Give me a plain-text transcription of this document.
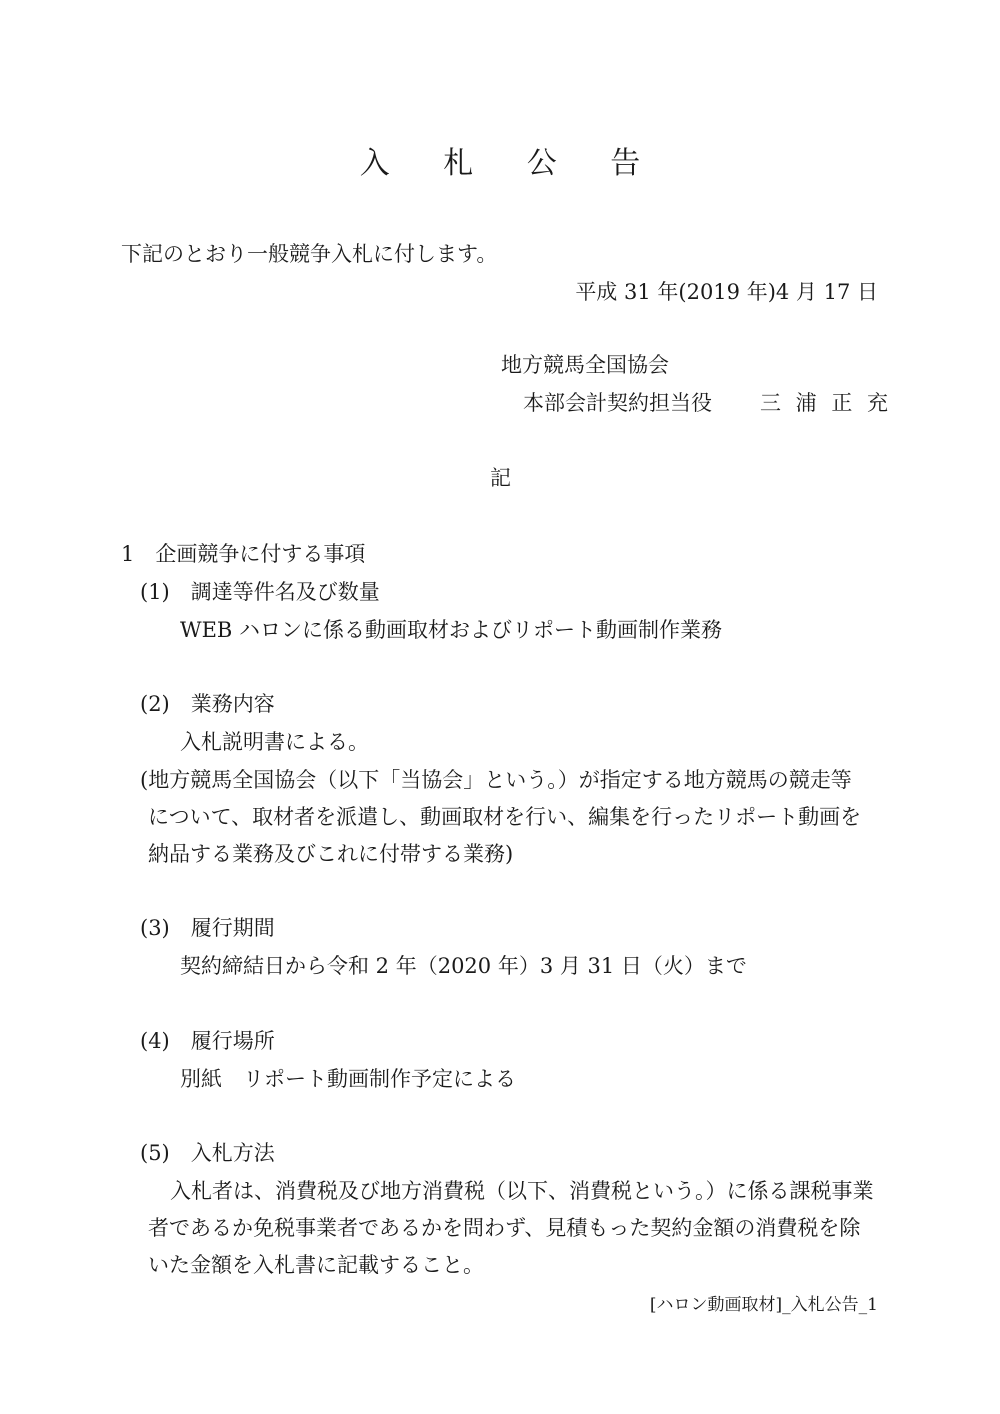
入 札 公 告
下記のとおり一般競争入札に付します。
平成 31 年(2019 年)4 月 17 日
地方競馬全国協会
本部会計契約担当役 三 浦 正 充
記
1　企画競争に付する事項
(1)　調達等件名及び数量
WEB ハロンに係る動画取材およびリポート動画制作業務
(2)　業務内容
入札説明書による。
(地方競馬全国協会（以下「当協会」という。）が指定する地方競馬の競走等
について、取材者を派遣し、動画取材を行い、編集を行ったリポート動画を
納品する業務及びこれに付帯する業務)
(3)　履行期間
契約締結日から令和 2 年（2020 年）3 月 31 日（火）まで
(4)　履行場所
別紙　リポート動画制作予定による
(5)　入札方法
入札者は、消費税及び地方消費税（以下、消費税という。）に係る課税事業
者であるか免税事業者であるかを問わず、見積もった契約金額の消費税を除
いた金額を入札書に記載すること。
[ハロン動画取材]_入札公告_1
